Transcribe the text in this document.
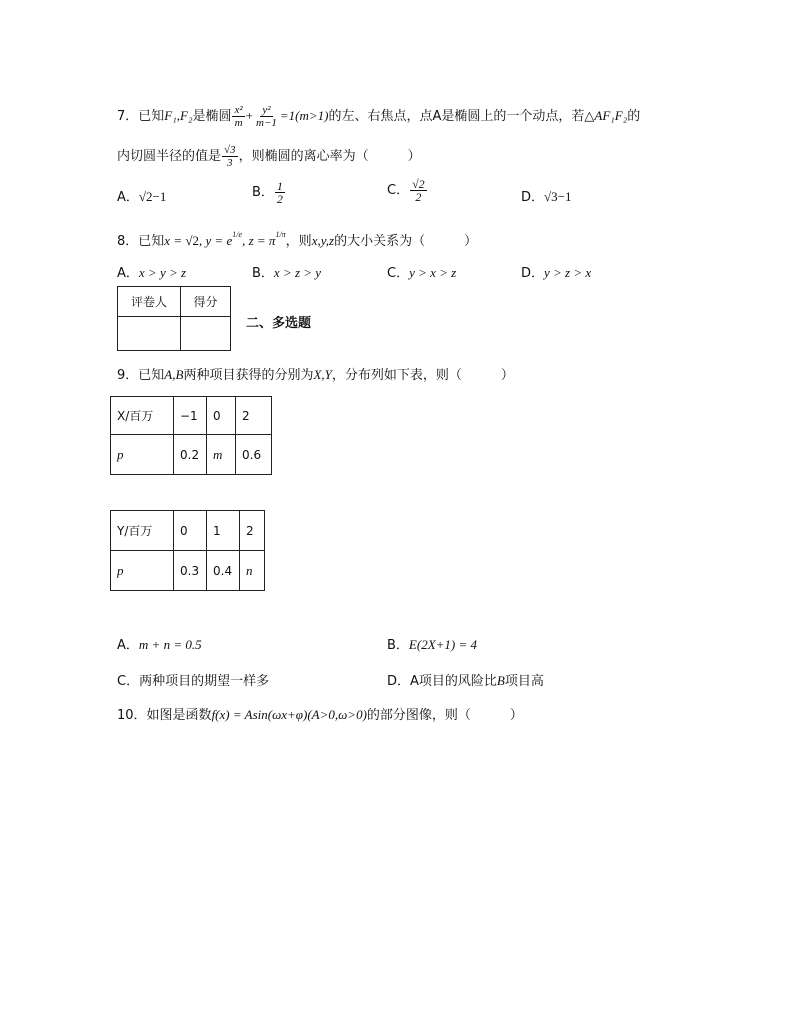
7．已知F₁,F₂是椭圆 $\frac{\text{x²}}{m} + \frac{\text{y²}}{m-1} =1(m>1)$的左、右焦点，点A是椭圆上的一个动点，若△AF₁F₂的
内切圆半径的值是 $\frac{√3}{3}$ ，则椭圆的离心率为（　　　）
A．√2−1	B． $\frac{1}{2}$	C． $\frac{√2}{2}$	D．√3−1
8．已知x = √2, $y = e^{1/e}$, $z = \pi^{1/\pi}$，则x,y,z的大小关系为（　　　）
A．x > y > z	B．x > z > y	C．y > x > z	D．y > z > x
评卷人	得分

二、多选题
9．已知A,B两种项目获得的分别为X,Y，分布列如下表，则（　　　）
X/百万	−1	0	2
p	0.2	m	0.6
Y/百万	0	1	2
p	0.3	0.4	n
A．m + n = 0.5	B．E(2X+1) = 4
C．两种项目的期望一样多	D．A项目的风险比B项目高
10．如图是函数f(x) = Asin(ωx+φ)(A>0,ω>0)的部分图像，则（　　　）
